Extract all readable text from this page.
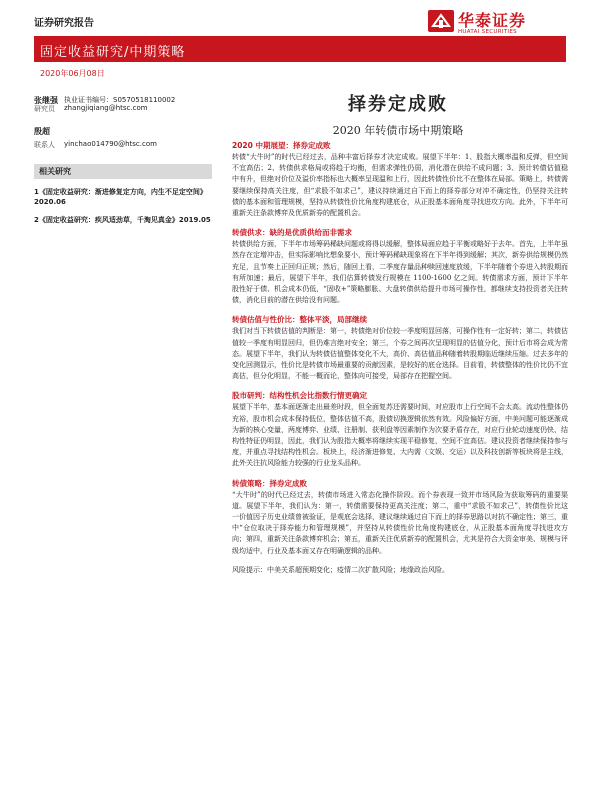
证券研究报告	华泰证券
HUATAI SECURITIES
固定收益研究/中期策略
2020年06月08日
张继强 执业证书编号：S0570518110002
研究员 zhangjiqiang@htsc.com
殷超
联系人 yinchao014790@htsc.com
相关研究
1《固定收益研究：渐进修复定方向，内生不足定空间》2020.06
2《固定收益研究：疾风适劲草，千淘见真金》2019.05
择券定成败
2020 年转债市场中期策略
2020 中期展望：择券定成败
转债“大牛时”的时代已经过去，品种丰富后择券才决定成败。展望下半年：1、股指大概率温和反弹，但空间不宜高估；2、转债供求格局或将趋于均衡，但需求弹性仍弱，消化潜在供给不成问题；3、预计转债估值稳中有升，但绝对价位及溢价率指标也大概率呈现温和上行，因此转债性价比不在整体在局部。策略上，转债需要继续保持高关注度，但“求股不如求己”，建议持续通过自下而上的择券部分对冲不确定性，仍坚持关注转债的基本面和管理规模，坚持从转债性价比角度构建底仓，从正股基本面角度寻找进攻方向。此外，下半年可重新关注条款博弈及优质新券的配置机会。
转债供求：缺的是优质供给而非需求
转债供给方面，下半年市场筹码稀缺问题或将得以缓解，整体局面应趋于平衡或略好于去年。首先，上半年虽然存在定增冲击，但实际影响比想象要小，预计筹码稀缺现象将在下半年得到缓解；其次，新券供给规模仍然充足，且节奏上正回归正规；然后，随回上看，二季度存量品种赎回速度放缓，下半年随着个券进入转股期而有所加速；最后，展望下半年，我们估算转债发行规模在 1100-1600 亿之间。转债需求方面，预计下半年股性好于债、机会成本仍低，“固收+”策略膨胀、大盘转债供给提升市场可操作性，都继续支持投资者关注转债，消化目前的潜在供给没有问题。
转债估值与性价比：整体平淡，局部继续
我们对当下转债估值的判断是：第一，转债绝对价位较一季度明显回落，可操作性有一定好转；第二，转债估值较一季度有明显回归，但仍难言绝对安全；第三，个券之间再次呈现明显的估值分化，预计后市将会成为常态。展望下半年，我们认为转债估值整体变化不大，高价、高估值品种随着转股期临近继续压缩。过去多年的变化回测显示，性价比是转债市场最重要的贡献因素，是较好的底仓选择。目前看，转债整体的性价比仍不宜高估，但分化明显，不能一概而论，整体向可接受，局部存在把握空间。
股市研判：结构性机会比指数行情更确定
展望下半年，基本面逐渐走出最差时段，但全面复苏还需要时间，对应股市上行空间不会太高。流动性整体仍充裕，股市机会成本保持低位，整体估值不高，股债切换逻辑依然有效。风险偏好方面，中美问题可能逐渐成为新的核心变量，两度博弈、业绩、注册制、获利盘等因素制作为次要矛盾存在，对应行业轮动速度仍快、结构性特征仍明显，因此，我们认为股指大概率将继续实现平稳修复，空间不宜高估。建议投资者继续保持参与度，并重点寻找结构性机会。板块上，经济渐进修复、大内需（文娱、交运）以及科技创新等板块将是主线，此外关注抗风险能力较强的行业龙头品种。
转债策略：择券定成败
“大牛时”的时代已经过去，转债市场进入常态化操作阶段。而个券表现一致并市场风险为获取筹码的重要渠道。展望下半年，我们认为：第一，转债需要保持更高关注度；第二，重中“求股不如求己”，转债性价比这一价值因子历史业绩曾被验证，是观底会选择，建议继续通过自下而上的择券思路以对抗不确定性；第三，重中“仓位取决于择券能力和管理规模”，并坚持从转债性价比角度构建底仓，从正股基本面角度寻找进攻方向；第四，重新关注条款博弈机会；第五，重新关注优质新券的配置机会，尤其是符合大资金审美、规模与评级均适中，行业及基本面又存在明确逻辑的品种。
风险提示：中美关系超预期变化；疫情二次扩散风险；地缘政治风险。
